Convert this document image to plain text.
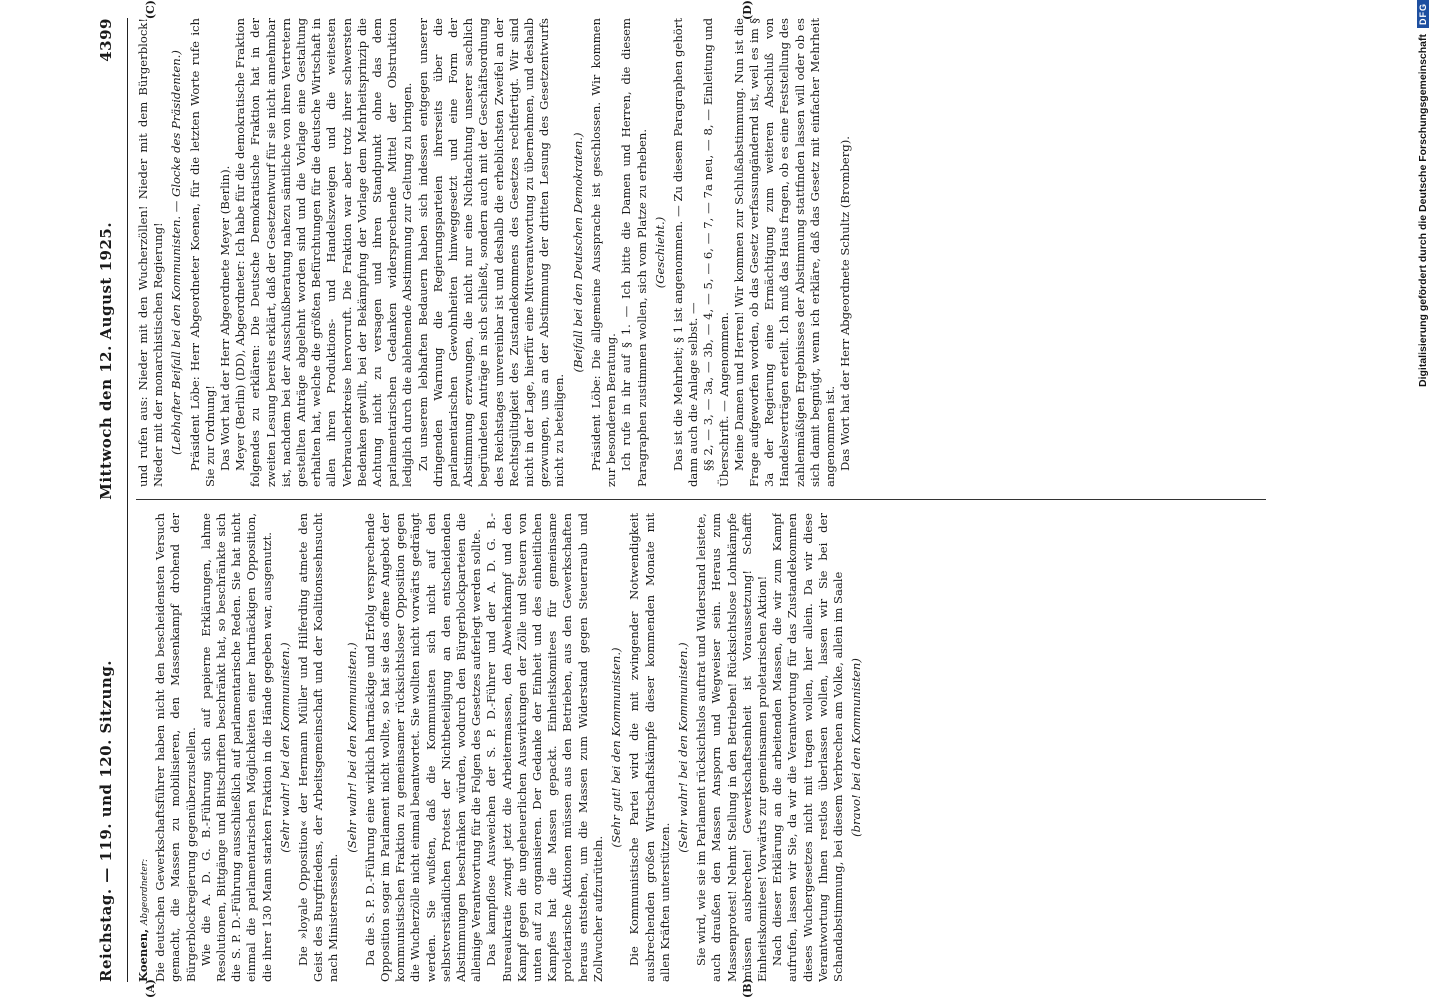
Reichstag. — 119. und 120. Sitzung.
Mittwoch den 12. August 1925.
4399
(A)	(B)
(C)	(D)
Koenen, Abgeordneter: Die deutschen Gewerkschaftsführer haben nicht den bescheidensten Versuch gemacht, die Massen zu mobilisieren, den Massenkampf drohend der Bürgerblockregierung gegenüberzustellen. Wie die A. D. G. B.-Führung sich auf papierne Erklärungen, lahme Resolutionen, Bittgänge und Bittschriften beschränkt hat, so beschränkte sich die S. P. D.-Führung ausschließlich auf parlamentarische Reden. Sie hat nicht einmal die parlamentarischen Möglichkeiten einer hartnäckigen Opposition, die ihrer 130 Mann starken Fraktion in die Hände gegeben war, ausgenutzt. (Sehr wahr! bei den Kommunisten.) Die »loyale Opposition« der Hermann Müller und Hilferding atmete den Geist des Burgfriedens, der Arbeitsgemeinschaft und der Koalitionssehnsucht nach Ministersesseln.

(Sehr wahr! bei den Kommunisten.) Da die S. P. D.-Führung eine wirklich hartnäckige und Erfolg versprechende Opposition sogar im Parlament nicht wollte, so hat sie das offene Angebot der kommunistischen Fraktion zu gemeinsamer rücksichtsloser Opposition gegen die Wucherzölle nicht einmal beantwortet. Sie wollten nicht vorwärts gedrängt werden. Sie wußten, daß die Kommunisten sich nicht auf den selbstverständlichen Protest der Nichtbeteiligung an den entscheidenden Abstimmungen beschränken würden, wodurch den Bürgerblockparteien die alleinige Verantwortung für die Folgen des Gesetzes auferlegt werden sollte. Das kampflose Ausweichen der S. P. D.-Führer und der A. D. G. B.-Bureaukratie zwingt jetzt die Arbeitermassen, den Abwehrkampf und den Kampf gegen die ungeheuerlichen Auswirkungen der Zölle und Steuern von unten auf zu organisieren. Der Gedanke der Einheit und des einheitlichen Kampfes hat die Massen gepackt. Einheitskomitees für gemeinsame proletarische Aktionen müssen aus den Betrieben, aus den Gewerkschaften heraus entstehen, um die Massen zum Widerstand gegen Steuerraub und Zollwucher aufzurütteln.

(Sehr gut! bei den Kommunisten.) Die Kommunistische Partei wird die mit zwingender Notwendigkeit ausbrechenden großen Wirtschaftskämpfe dieser kommenden Monate mit allen Kräften unterstützen.

(Sehr wahr! bei den Kommunisten.) Sie wird, wie sie im Parlament rücksichtslos auftrat und Widerstand leistete, auch draußen den Massen Ansporn und Wegweiser sein. Heraus zum Massenprotest! Nehmt Stellung in den Betrieben! Rücksichtslose Lohnkämpfe müssen ausbrechen! Gewerkschaftseinheit ist Voraussetzung! Schafft Einheitskomitees! Vorwärts zur gemeinsamen proletarischen Aktion! Nach dieser Erklärung an die arbeitenden Massen, die wir zum Kampf aufrufen, lassen wir Sie, da wir die Verantwortung für das Zustandekommen dieses Wuchergesetzes nicht mit tragen wollen, hier allein. Da wir diese Verantwortung Ihnen restlos überlassen wollen, lassen wir Sie bei der Schandabstimmung, bei diesem Verbrechen am Volke, allein im Saale (bravo! bei den Kommunisten)

und rufen aus: Nieder mit den Wucherzöllen! Nieder mit dem Bürgerblock! Nieder mit der monarchistischen Regierung! (Lebhafter Beifall bei den Kommunisten. — Glocke des Präsidenten.) Präsident Löbe: Herr Abgeordneter Koenen, für die letzten Worte rufe ich Sie zur Ordnung! Das Wort hat der Herr Abgeordnete Meyer (Berlin). Meyer (Berlin) (DD), Abgeordneter: Ich habe für die demokratische Fraktion folgendes zu erklären: Die Deutsche Demokratische Fraktion hat in der zweiten Lesung bereits erklärt, daß der Gesetzentwurf für sie nicht annehmbar ist, nachdem bei der Ausschußberatung nahezu sämtliche von ihren Vertretern gestellten Anträge abgelehnt worden sind und die Vorlage eine Gestaltung erhalten hat, welche die größten Befürchtungen für die deutsche Wirtschaft in allen ihren Produktions- und Handelszweigen und die weitesten Verbraucherkreise hervorruft. Die Fraktion war aber trotz ihrer schwersten Bedenken gewillt, bei der Bekämpfung der Vorlage dem Mehrheitsprinzip die Achtung nicht zu versagen und ihren Standpunkt ohne das dem parlamentarischen Gedanken widersprechende Mittel der Obstruktion lediglich durch die ablehnende Abstimmung zur Geltung zu bringen. Zu unserem lebhaften Bedauern haben sich indessen entgegen unserer dringenden Warnung die Regierungsparteien ihrerseits über die parlamentarischen Gewohnheiten hinweggesetzt und eine Form der Abstimmung erzwungen, die nicht nur eine Nichtachtung unserer sachlich begründeten Anträge in sich schließt, sondern auch mit der Geschäftsordnung des Reichstages unvereinbar ist und deshalb die erheblichsten Zweifel an der Rechtsgültigkeit des Zustandekommens des Gesetzes rechtfertigt. Wir sind nicht in der Lage, hierfür eine Mitverantwortung zu übernehmen, und deshalb gezwungen, uns an der Abstimmung der dritten Lesung des Gesetzentwurfs nicht zu beteiligen.

(Beifall bei den Deutschen Demokraten.) Präsident Löbe: Die allgemeine Aussprache ist geschlossen. Wir kommen zur besonderen Beratung. Ich rufe in ihr auf § 1. — Ich bitte die Damen und Herren, die diesem Paragraphen zustimmen wollen, sich vom Platze zu erheben. (Geschieht.) Das ist die Mehrheit; § 1 ist angenommen. — Zu diesem Paragraphen gehört dann auch die Anlage selbst. — §§ 2, — 3, — 3a, — 3b, — 4, — 5, — 6, — 7, — 7a neu, — 8, — Einleitung und Überschrift. — Angenommen. Meine Damen und Herren! Wir kommen zur Schlußabstimmung. Nun ist die Frage aufgeworfen worden, ob das Gesetz verfassungändernd ist, weil es im § 3a der Regierung eine Ermächtigung zum weiteren Abschluß von Handelsverträgen erteilt. Ich muß das Haus fragen, ob es eine Feststellung des zahlenmäßigen Ergebnisses der Abstimmung stattfinden lassen will oder ob es sich damit begnügt, wenn ich erkläre, daß das Gesetz mit einfacher Mehrheit angenommen ist. Das Wort hat der Herr Abgeordnete Schultz (Bromberg).	Digitalisierung gefördert durch die Deutsche Forschungsgemeinschaft
DFG
